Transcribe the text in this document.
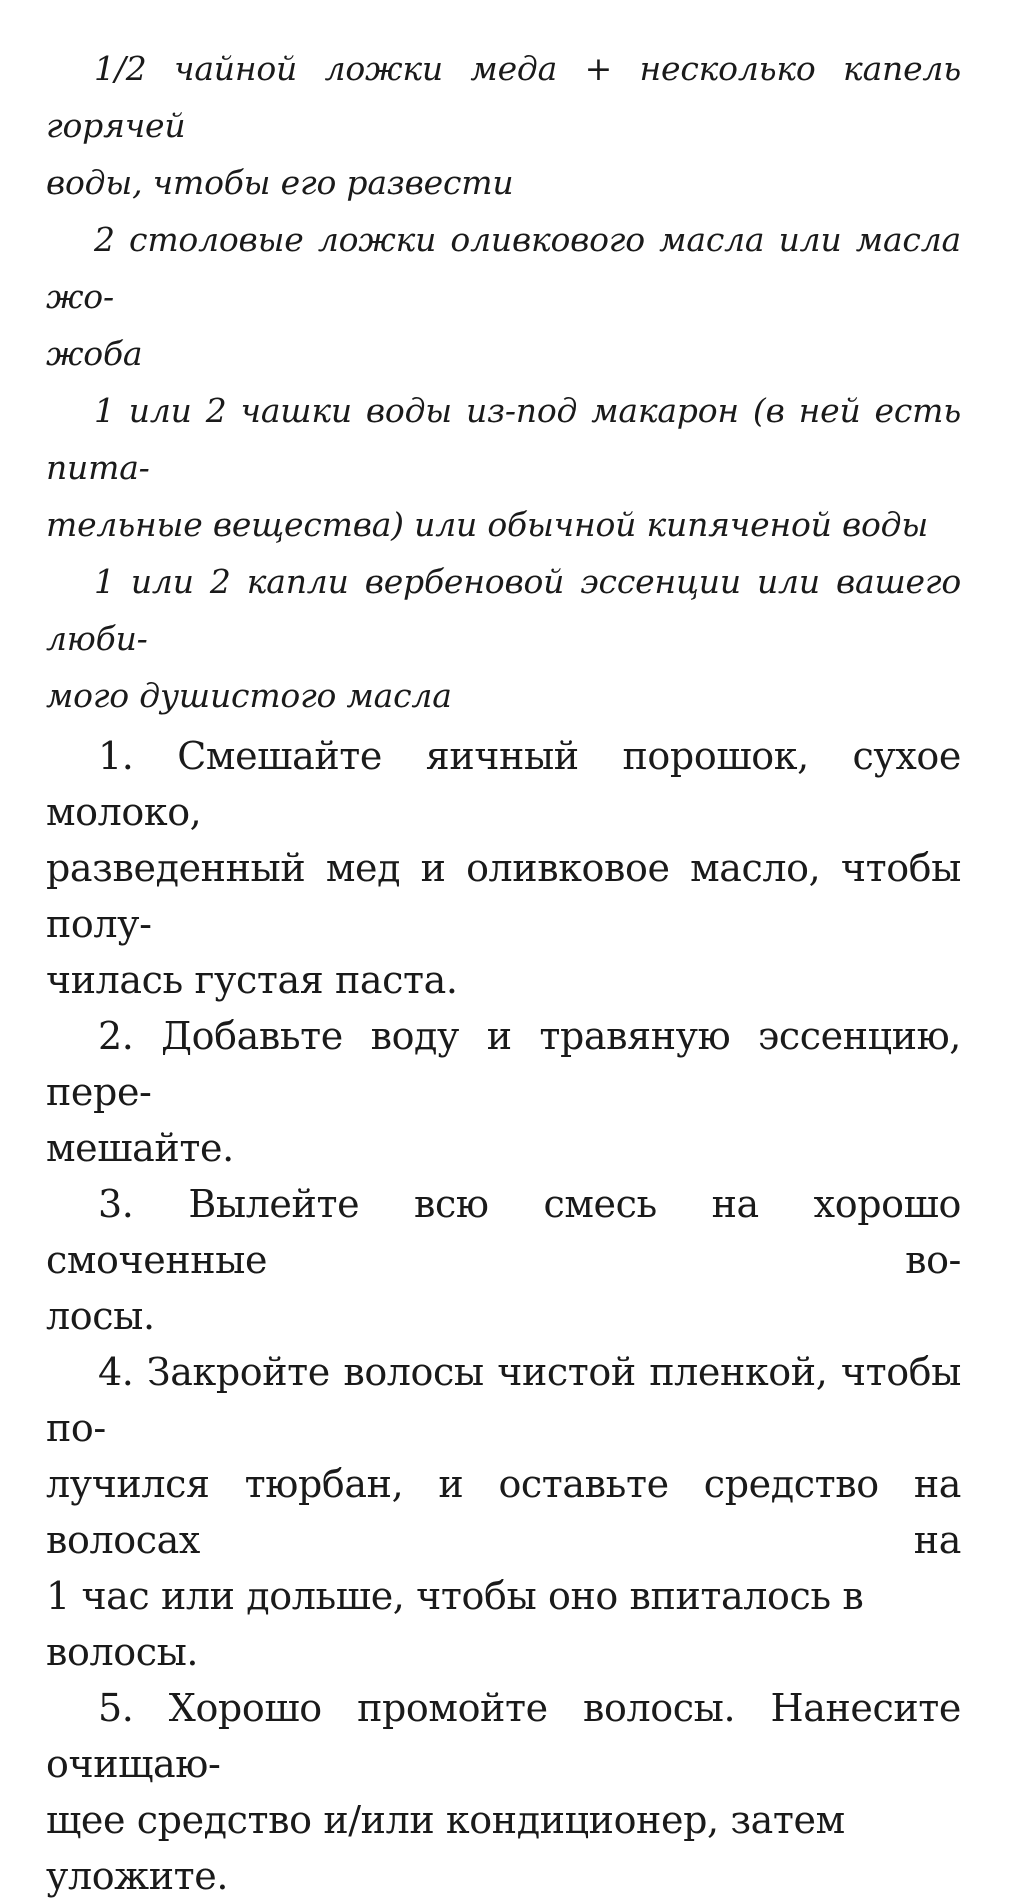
1/2 чайной ложки меда + несколько капель горячей
воды, чтобы его развести

2 столовые ложки оливкового масла или масла жо-
жоба

1 или 2 чашки воды из-под макарон (в ней есть пита-
тельные вещества) или обычной кипяченой воды

1 или 2 капли вербеновой эссенции или вашего люби-
мого душистого масла

1. Смешайте яичный порошок, сухое молоко,
разведенный мед и оливковое масло, чтобы полу-
чилась густая паста.

2. Добавьте воду и травяную эссенцию, пере-
мешайте.

3. Вылейте всю смесь на хорошо смоченные во-
лосы.

4. Закройте волосы чистой пленкой, чтобы по-
лучился тюрбан, и оставьте средство на волосах на
1 час или дольше, чтобы оно впиталось в волосы.

5. Хорошо промойте волосы. Нанесите очищаю-
щее средство и/или кондиционер, затем уложите.
